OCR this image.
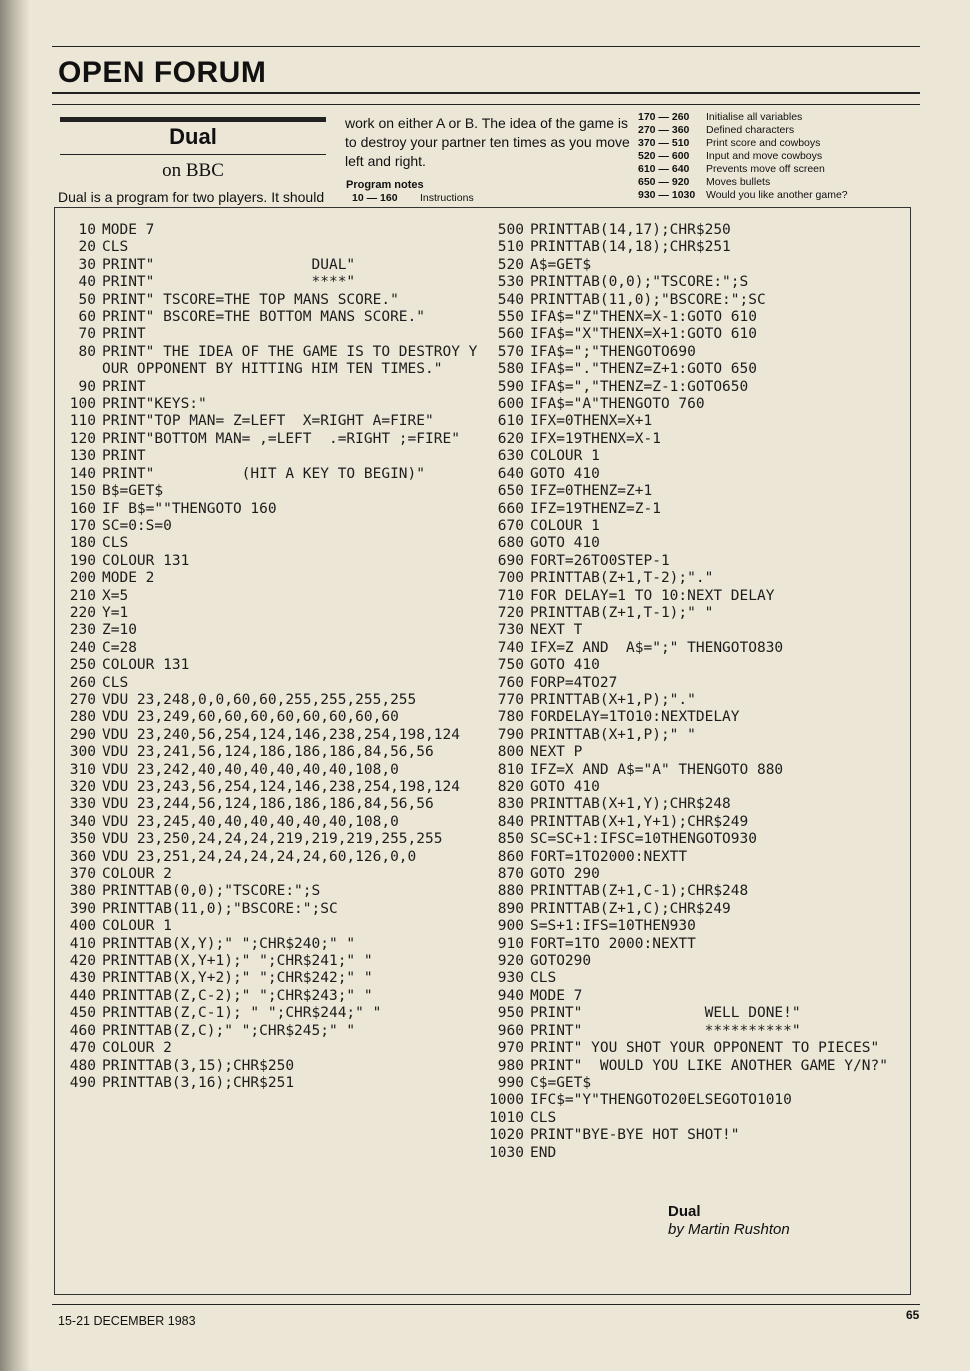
OPEN FORUM
Dual
on BBC
Dual is a program for two players. It should
work on either A or B. The idea of the game is to destroy your partner ten times as you move left and right.
Program notes
10 — 160 Instructions
170 — 260 Initialise all variables
270 — 360 Defined characters
370 — 510 Print score and cowboys
520 — 600 Input and move cowboys
610 — 640 Prevents move off screen
650 — 920 Moves bullets
930 — 1030 Would you like another game?
10 MODE 7
20 CLS
30 PRINT"                  DUAL"
40 PRINT"                  ****"
50 PRINT" TSCORE=THE TOP MANS SCORE."
60 PRINT" BSCORE=THE BOTTOM MANS SCORE."
70 PRINT
80 PRINT" THE IDEA OF THE GAME IS TO DESTROY YOUR OPPONENT BY HITTING HIM TEN TIMES."
90 PRINT
100 PRINT"KEYS:"
110 PRINT"TOP MAN= Z=LEFT  X=RIGHT A=FIRE"
120 PRINT"BOTTOM MAN= ,=LEFT  .=RIGHT ;=FIRE"
130 PRINT
140 PRINT"          (HIT A KEY TO BEGIN)"
150 B$=GET$
160 IF B$=""THENGOTO 160
170 SC=0:S=0
180 CLS
190 COLOUR 131
200 MODE 2
210 X=5
220 Y=1
230 Z=10
240 C=28
250 COLOUR 131
260 CLS
270 VDU 23,248,0,0,60,60,255,255,255,255
280 VDU 23,249,60,60,60,60,60,60,60,60
290 VDU 23,240,56,254,124,146,238,254,198,124
300 VDU 23,241,56,124,186,186,186,84,56,56
310 VDU 23,242,40,40,40,40,40,40,108,0
320 VDU 23,243,56,254,124,146,238,254,198,124
330 VDU 23,244,56,124,186,186,186,84,56,56
340 VDU 23,245,40,40,40,40,40,40,108,0
350 VDU 23,250,24,24,24,219,219,219,255,255
360 VDU 23,251,24,24,24,24,24,60,126,0,0
370 COLOUR 2
380 PRINTTAB(0,0);"TSCORE:";S
390 PRINTTAB(11,0);"BSCORE:";SC
400 COLOUR 1
410 PRINTTAB(X,Y);" ";CHR$240;" "
420 PRINTTAB(X,Y+1);" ";CHR$241;" "
430 PRINTTAB(X,Y+2);" ";CHR$242;" "
440 PRINTTAB(Z,C-2);" ";CHR$243;" "
450 PRINTTAB(Z,C-1); " ";CHR$244;" "
460 PRINTTAB(Z,C);" ";CHR$245;" "
470 COLOUR 2
480 PRINTTAB(3,15);CHR$250
490 PRINTTAB(3,16);CHR$251
500 PRINTTAB(14,17);CHR$250
510 PRINTTAB(14,18);CHR$251
520 A$=GET$
530 PRINTTAB(0,0);"TSCORE:";S
540 PRINTTAB(11,0);"BSCORE:";SC
550 IFA$="Z"THENX=X-1:GOTO 610
560 IFA$="X"THENX=X+1:GOTO 610
570 IFA$=";"THENGOTO690
580 IFA$="."THENZ=Z+1:GOTO 650
590 IFA$=","THENZ=Z-1:GOTO650
600 IFA$="A"THENGOTO 760
610 IFX=0THENX=X+1
620 IFX=19THENX=X-1
630 COLOUR 1
640 GOTO 410
650 IFZ=0THENZ=Z+1
660 IFZ=19THENZ=Z-1
670 COLOUR 1
680 GOTO 410
690 FORT=26TO0STEP-1
700 PRINTTAB(Z+1,T-2);"."
710 FOR DELAY=1 TO 10:NEXT DELAY
720 PRINTTAB(Z+1,T-1);" "
730 NEXT T
740 IFX=Z AND  A$=";" THENGOTO830
750 GOTO 410
760 FORP=4TO27
770 PRINTTAB(X+1,P);"."
780 FORDELAY=1TO10:NEXTDELAY
790 PRINTTAB(X+1,P);" "
800 NEXT P
810 IFZ=X AND A$="A" THENGOTO 880
820 GOTO 410
830 PRINTTAB(X+1,Y);CHR$248
840 PRINTTAB(X+1,Y+1);CHR$249
850 SC=SC+1:IFSC=10THENGOTO930
860 FORT=1TO2000:NEXTT
870 GOTO 290
880 PRINTTAB(Z+1,C-1);CHR$248
890 PRINTTAB(Z+1,C);CHR$249
900 S=S+1:IFS=10THEN930
910 FORT=1TO 2000:NEXTT
920 GOTO290
930 CLS
940 MODE 7
950 PRINT"              WELL DONE!"
960 PRINT"              **********"
970 PRINT" YOU SHOT YOUR OPPONENT TO PIECES"
980 PRINT"  WOULD YOU LIKE ANOTHER GAME Y/N?"
990 C$=GET$
1000 IFC$="Y"THENGOTO20ELSEGOTO1010
1010 CLS
1020 PRINT"BYE-BYE HOT SHOT!"
1030 END
Dual
by Martin Rushton
15-21 DECEMBER 1983	65
